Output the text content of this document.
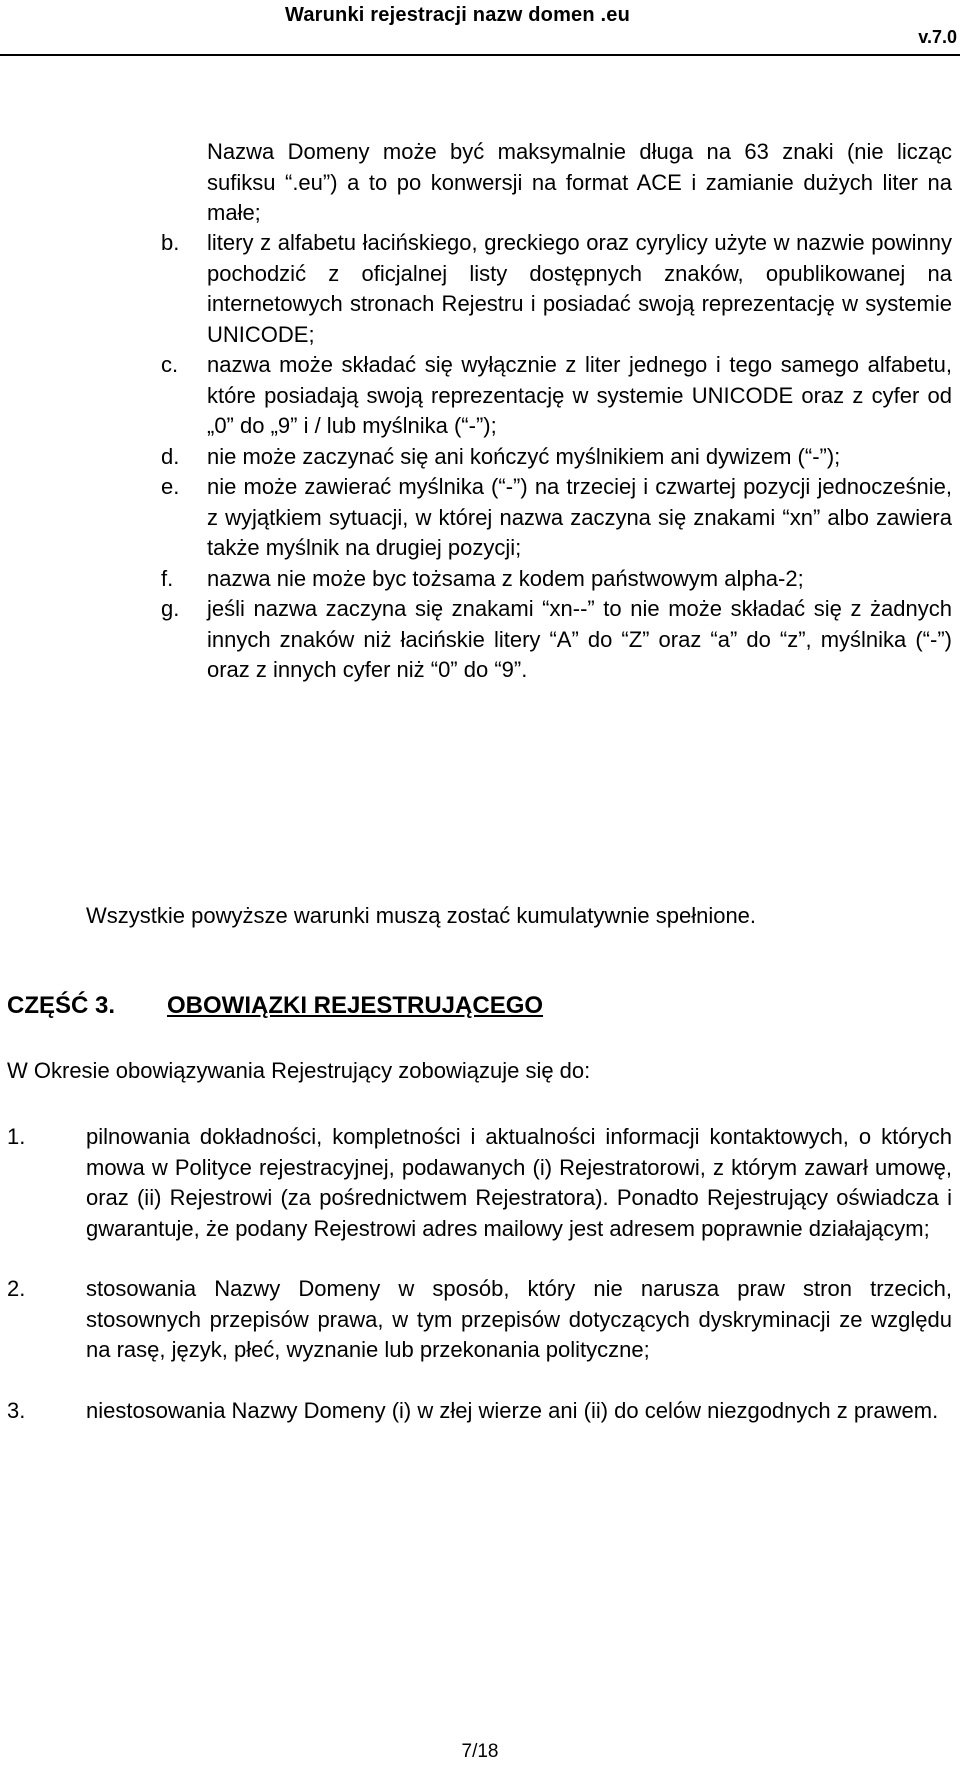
Warunki rejestracji nazw domen .eu
v.7.0
Nazwa Domeny może być maksymalnie długa na 63 znaki (nie licząc sufiksu “.eu”) a to po konwersji na format ACE i zamianie dużych liter na małe;
b.	litery z alfabetu łacińskiego, greckiego oraz cyrylicy użyte w nazwie powinny pochodzić z oficjalnej listy dostępnych znaków, opublikowanej na internetowych stronach Rejestru i posiadać swoją reprezentację w systemie UNICODE;
c.	nazwa może składać się wyłącznie z liter jednego i tego samego alfabetu, które posiadają swoją reprezentację w systemie UNICODE oraz z cyfer od „0” do „9” i / lub myślnika (“-”);
d.	nie może zaczynać się ani kończyć myślnikiem ani dywizem (“-”);
e.	nie może zawierać myślnika (“-”) na trzeciej i czwartej pozycji jednocześnie, z wyjątkiem sytuacji, w której nazwa zaczyna się znakami “xn” albo zawiera także myślnik na drugiej pozycji;
f.	nazwa nie może byc tożsama z kodem państwowym alpha-2;
g.	jeśli nazwa zaczyna się znakami “xn--” to nie może składać się z żadnych innych znaków niż łacińskie litery “A” do “Z” oraz “a” do “z”, myślnika (“-”) oraz z innych cyfer niż “0” do “9”.
Wszystkie powyższe warunki muszą zostać kumulatywnie spełnione.
CZĘŚĆ 3.	OBOWIĄZKI REJESTRUJĄCEGO
W Okresie obowiązywania Rejestrujący zobowiązuje się do:
1.	pilnowania dokładności, kompletności i aktualności informacji kontaktowych, o których mowa w Polityce rejestracyjnej, podawanych (i) Rejestratorowi, z którym zawarł umowę, oraz (ii) Rejestrowi (za pośrednictwem Rejestratora). Ponadto Rejestrujący oświadcza i gwarantuje, że podany Rejestrowi adres mailowy jest adresem poprawnie działającym;
2.	stosowania Nazwy Domeny w sposób, który nie narusza praw stron trzecich, stosownych przepisów prawa, w tym przepisów dotyczących dyskryminacji ze względu na rasę, język, płeć, wyznanie lub przekonania polityczne;
3.	niestosowania Nazwy Domeny (i) w złej wierze ani (ii) do celów niezgodnych z prawem.
7/18
